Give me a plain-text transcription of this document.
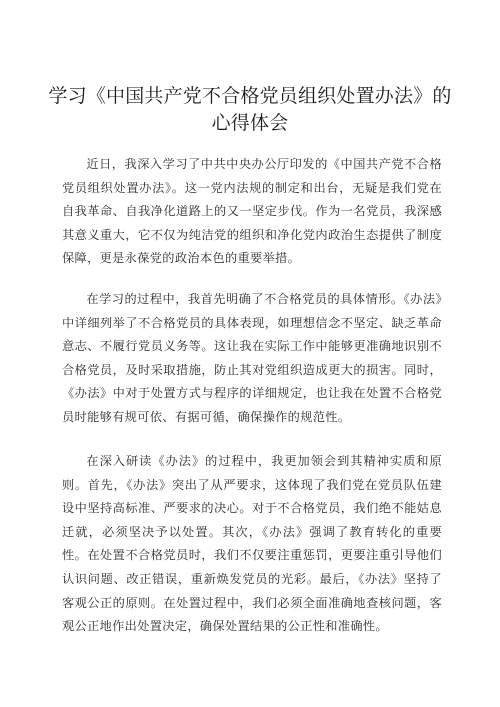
学习《中国共产党不合格党员组织处置办法》的
心得体会

近日，我深入学习了中共中央办公厅印发的《中国共产党不合格党员组织处置办法》。这一党内法规的制定和出台，无疑是我们党在自我革命、自我净化道路上的又一坚定步伐。作为一名党员，我深感其意义重大，它不仅为纯洁党的组织和净化党内政治生态提供了制度保障，更是永葆党的政治本色的重要举措。

在学习的过程中，我首先明确了不合格党员的具体情形。《办法》中详细列举了不合格党员的具体表现，如理想信念不坚定、缺乏革命意志、不履行党员义务等。这让我在实际工作中能够更准确地识别不合格党员，及时采取措施，防止其对党组织造成更大的损害。同时，《办法》中对于处置方式与程序的详细规定，也让我在处置不合格党员时能够有规可依、有据可循，确保操作的规范性。

在深入研读《办法》的过程中，我更加领会到其精神实质和原则。首先，《办法》突出了从严要求，这体现了我们党在党员队伍建设中坚持高标准、严要求的决心。对于不合格党员，我们绝不能姑息迁就，必须坚决予以处置。其次，《办法》强调了教育转化的重要性。在处置不合格党员时，我们不仅要注重惩罚，更要注重引导他们认识问题、改正错误，重新焕发党员的光彩。最后，《办法》坚持了客观公正的原则。在处置过程中，我们必须全面准确地查核问题，客观公正地作出处置决定，确保处置结果的公正性和准确性。
